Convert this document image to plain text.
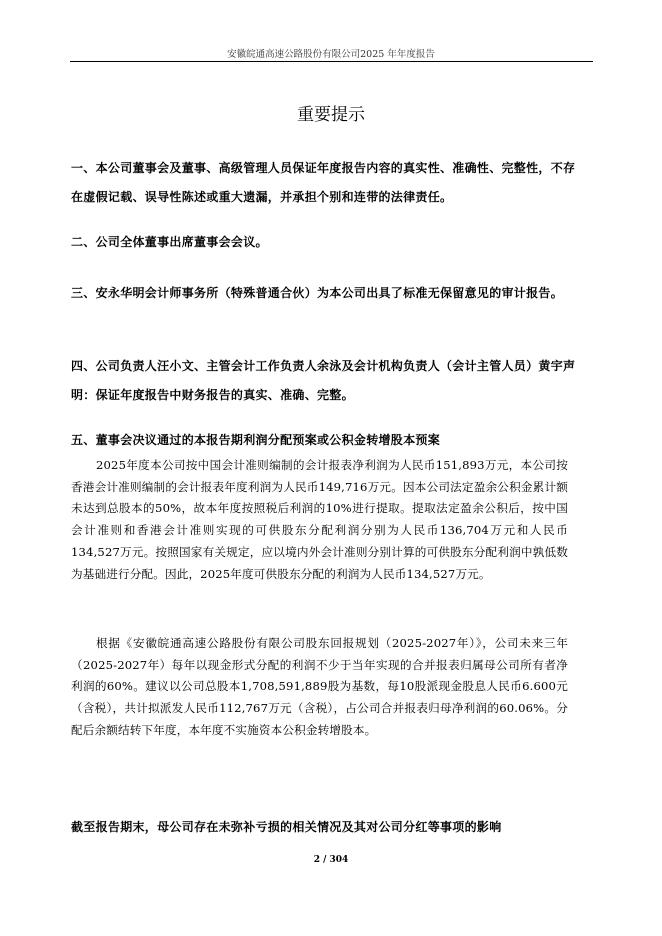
安徽皖通高速公路股份有限公司2025 年年度报告
重要提示

一、本公司董事会及董事、高级管理人员保证年度报告内容的真实性、准确性、完整性，不存在虚假记载、误导性陈述或重大遗漏，并承担个别和连带的法律责任。

二、公司全体董事出席董事会会议。

三、安永华明会计师事务所（特殊普通合伙）为本公司出具了标准无保留意见的审计报告。

四、公司负责人汪小文、主管会计工作负责人余泳及会计机构负责人（会计主管人员）黄宇声明：保证年度报告中财务报告的真实、准确、完整。

五、董事会决议通过的本报告期利润分配预案或公积金转增股本预案

2025年度本公司按中国会计准则编制的会计报表净利润为人民币151,893万元，本公司按香港会计准则编制的会计报表年度利润为人民币149,716万元。因本公司法定盈余公积金累计额未达到总股本的50%，故本年度按照税后利润的10%进行提取。提取法定盈余公积后，按中国会计准则和香港会计准则实现的可供股东分配利润分别为人民币136,704万元和人民币134,527万元。按照国家有关规定，应以境内外会计准则分别计算的可供股东分配利润中孰低数为基础进行分配。因此，2025年度可供股东分配的利润为人民币134,527万元。

根据《安徽皖通高速公路股份有限公司股东回报规划（2025-2027年）》，公司未来三年（2025-2027年）每年以现金形式分配的利润不少于当年实现的合并报表归属母公司所有者净利润的60%。建议以公司总股本1,708,591,889股为基数，每10股派现金股息人民币6.600元（含税），共计拟派发人民币112,767万元（含税），占公司合并报表归母净利润的60.06%。分配后余额结转下年度，本年度不实施资本公积金转增股本。

截至报告期末，母公司存在未弥补亏损的相关情况及其对公司分红等事项的影响

2 / 304
